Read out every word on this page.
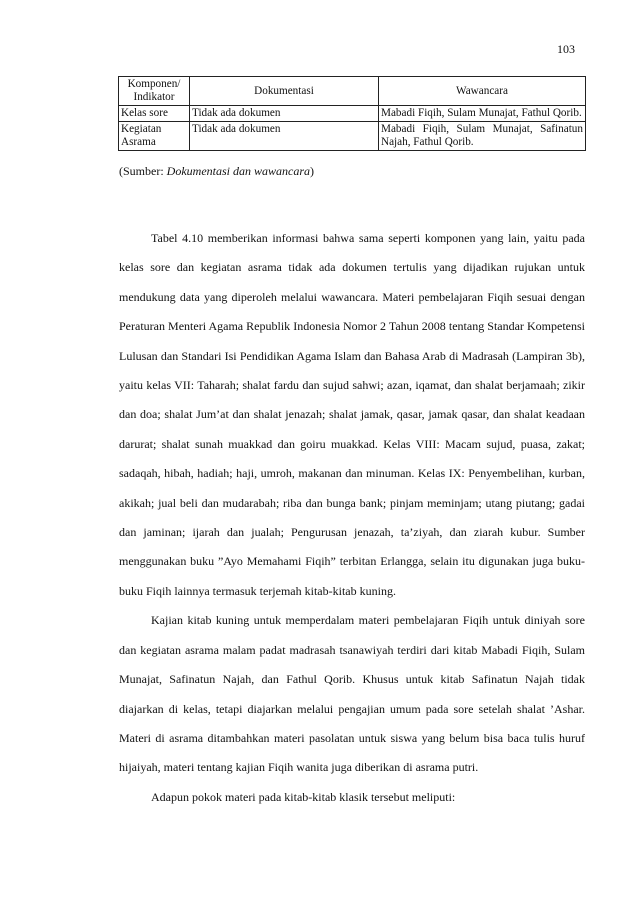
103
Komponen/ Indikator	Dokumentasi	Wawancara
Kelas sore	Tidak ada dokumen	Mabadi Fiqih, Sulam Munajat, Fathul Qorib.
Kegiatan Asrama	Tidak ada dokumen	Mabadi Fiqih, Sulam Munajat, Safinatun Najah, Fathul Qorib.
(Sumber: Dokumentasi dan wawancara)

Tabel 4.10 memberikan informasi bahwa sama seperti komponen yang lain, yaitu pada kelas sore dan kegiatan asrama tidak ada dokumen tertulis yang dijadikan rujukan untuk mendukung data yang diperoleh melalui wawancara. Materi pembelajaran Fiqih sesuai dengan Peraturan Menteri Agama Republik Indonesia Nomor 2 Tahun 2008 tentang Standar Kompetensi Lulusan dan Standari Isi Pendidikan Agama Islam dan Bahasa Arab di Madrasah (Lampiran 3b), yaitu kelas VII: Taharah; shalat fardu dan sujud sahwi; azan, iqamat, dan shalat berjamaah; zikir dan doa; shalat Jum’at dan shalat jenazah; shalat jamak, qasar, jamak qasar, dan shalat keadaan darurat; shalat sunah muakkad dan goiru muakkad. Kelas VIII: Macam sujud, puasa, zakat; sadaqah, hibah, hadiah; haji, umroh, makanan dan minuman. Kelas IX: Penyembelihan, kurban, akikah; jual beli dan mudarabah; riba dan bunga bank; pinjam meminjam; utang piutang; gadai dan jaminan; ijarah dan jualah; Pengurusan jenazah, ta’ziyah, dan ziarah kubur. Sumber menggunakan buku ”Ayo Memahami Fiqih” terbitan Erlangga, selain itu digunakan juga buku-buku Fiqih lainnya termasuk terjemah kitab-kitab kuning.

Kajian kitab kuning untuk memperdalam materi pembelajaran Fiqih untuk diniyah sore dan kegiatan asrama malam padat madrasah tsanawiyah terdiri dari kitab Mabadi Fiqih, Sulam Munajat, Safinatun Najah, dan Fathul Qorib. Khusus untuk kitab Safinatun Najah tidak diajarkan di kelas, tetapi diajarkan melalui pengajian umum pada sore setelah shalat ’Ashar. Materi di asrama ditambahkan materi pasolatan untuk siswa yang belum bisa baca tulis huruf hijaiyah, materi tentang kajian Fiqih wanita juga diberikan di asrama putri.

Adapun pokok materi pada kitab-kitab klasik tersebut meliputi:
